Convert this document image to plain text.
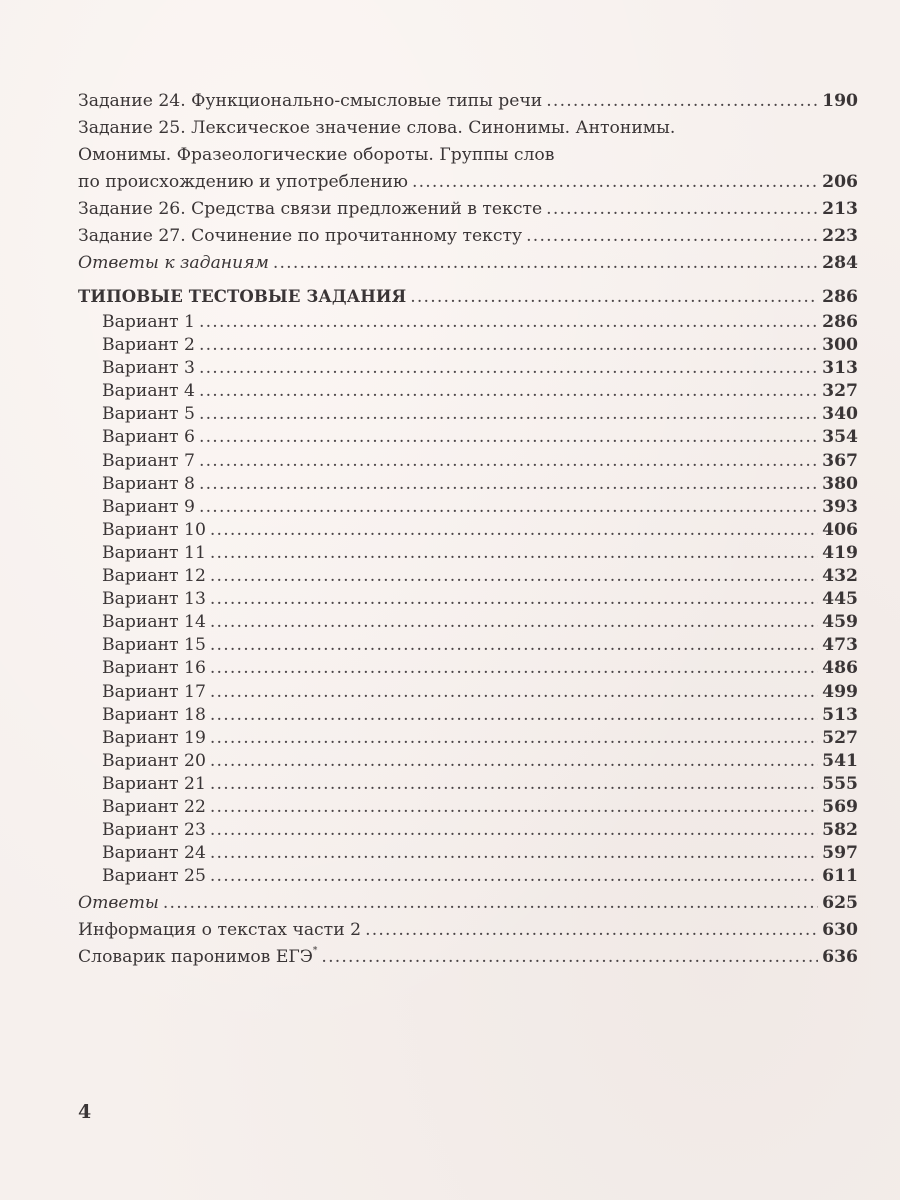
Задание 24. Функционально-смысловые типы речи .....	190
Задание 25. Лексическое значение слова. Синонимы. Антонимы.
Омонимы. Фразеологические обороты. Группы слов
по происхождению и употреблению .....	206
Задание 26. Средства связи предложений в тексте .....	213
Задание 27. Сочинение по прочитанному тексту .....	223
Ответы к заданиям .....	284
ТИПОВЫЕ ТЕСТОВЫЕ ЗАДАНИЯ .....	286
Вариант 1 .....	286
Вариант 2 .....	300
Вариант 3 .....	313
Вариант 4 .....	327
Вариант 5 .....	340
Вариант 6 .....	354
Вариант 7 .....	367
Вариант 8 .....	380
Вариант 9 .....	393
Вариант 10 .....	406
Вариант 11 .....	419
Вариант 12 .....	432
Вариант 13 .....	445
Вариант 14 .....	459
Вариант 15 .....	473
Вариант 16 .....	486
Вариант 17 .....	499
Вариант 18 .....	513
Вариант 19 .....	527
Вариант 20 .....	541
Вариант 21 .....	555
Вариант 22 .....	569
Вариант 23 .....	582
Вариант 24 .....	597
Вариант 25 .....	611
Ответы .....	625
Информация о текстах части 2 .....	630
Словарик паронимов ЕГЭ* .....	636
4
